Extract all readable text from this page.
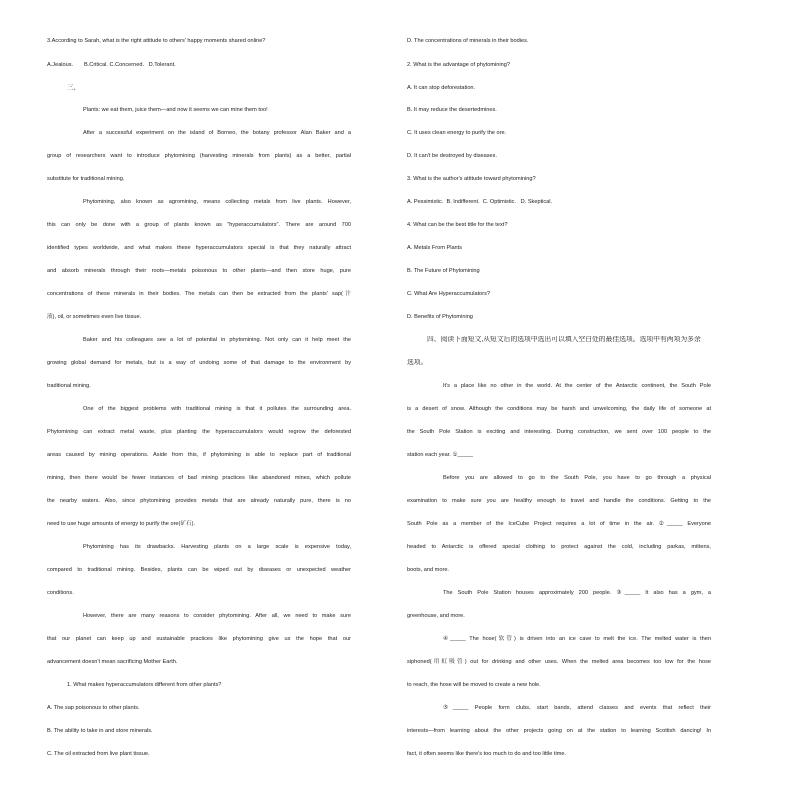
3.According to Sarah, what is the right attitude to others' happy moments shared online?
A.Jealous.       B.Critical. C.Concerned.   D.Tolerant.
三、
Plants: we eat them, juice them—and now it seems we can mine them too!
After a successful experiment on the island of Borneo, the botany professor Alan Baker and a
group of researchers want to introduce phytomining (harvesting minerals from plants) as a better, partial
substitute for traditional mining.
Phytomining, also known as agromining, means collecting metals from live plants. However,
this can only be done with a group of plants known as "hyperaccumulators". There are around 700
identified types worldwide, and what makes these hyperaccumulators special is that they naturally attract
and absorb minerals through their roots—metals poisonous to other plants—and then store huge, pure
concentrations of these minerals in their bodies. The metals can then be extracted from the plants' sap(汁
液), oil, or sometimes even live tissue.
Baker and his colleagues see a lot of potential in phytomining. Not only can it help meet the
growing global demand for metals, but is a way of undoing some of that damage to the environment by
traditional mining.
One of the biggest problems with traditional mining is that it pollutes the surrounding area.
Phytomining can extract metal waste, plus planting the hyperaccumulators would regrow the deforested
areas caused by mining operations. Aside from this, if phytomining is able to replace part of traditional
mining, then there would be fewer instances of bad mining practices like abandoned mines, which pollute
the nearby waters. Also, since phytomining provides metals that are already naturally pure, there is no
need to use huge amounts of energy to purify the ore(矿石).
Phytomining has its drawbacks. Harvesting plants on a large scale is expensive today,
compared to traditional mining. Besides, plants can be wiped out by diseases or unexpected weather
conditions.
However, there are many reasons to consider phytomining. After all, we need to make sure
that our planet can keep up and sustainable practices like phytomining give us the hope that our
advancement doesn't mean sacrificing Mother Earth.
1. What makes hyperaccumulators different from other plants?
A. The sap poisonous to other plants.
B. The ability to take in and store minerals.
C. The oil extracted from live plant tissue.
D. The concentrations of minerals in their bodies.
2. What is the advantage of phytomining?
A. It can stop deforestation.
B. It may reduce the desertedmines.
C. It uses clean energy to purify the ore.
D. It can't be destroyed by diseases.
3. What is the author's attitude toward phytomining?
A. Pessimistic.  B. Indifferent.  C. Optimistic.   D. Skeptical.
4. What can be the best title for the text?
A. Metals From Plants
B. The Future of Phytomining
C. What Are Hyperaccumulators?
D. Benefits of Phytomining
四、阅读下面短文,从短文后的选项中选出可以填入空白处的最佳选项。选项中有两项为多余
选项。
It's a place like no other in the world. At the center of the Antarctic continent, the South Pole
is a desert of snow. Although the conditions may be harsh and unwelcoming, the daily life of someone at
the South Pole Station is exciting and interesting. During construction, we sent over 100 people to the
station each year. ①_____
Before you are allowed to go to the South Pole, you have to go through a physical
examination to make sure you are healthy enough to travel and handle the conditions. Getting to the
South Pole as a member of the IceCube Project requires a lot of time in the air. ②_____ Everyone
headed to Antarctic is offered special clothing to protect against the cold, including parkas, mittens,
boots, and more.
The South Pole Station houses approximately 200 people. ③_____ It also has a gym, a
greenhouse, and more.
④_____ The hose(软管) is driven into an ice cave to melt the ice. The melted water is then
siphoned(用虹吸管) out for drinking and other uses. When the melted area becomes too low for the hose
to reach, the hose will be moved to create a new hole.
⑤_____ People form clubs, start bands, attend classes and events that reflect their
interests—from learning about the other projects going on at the station to learning Scottish dancing! In
fact, it often seems like there's too much to do and too little time.
